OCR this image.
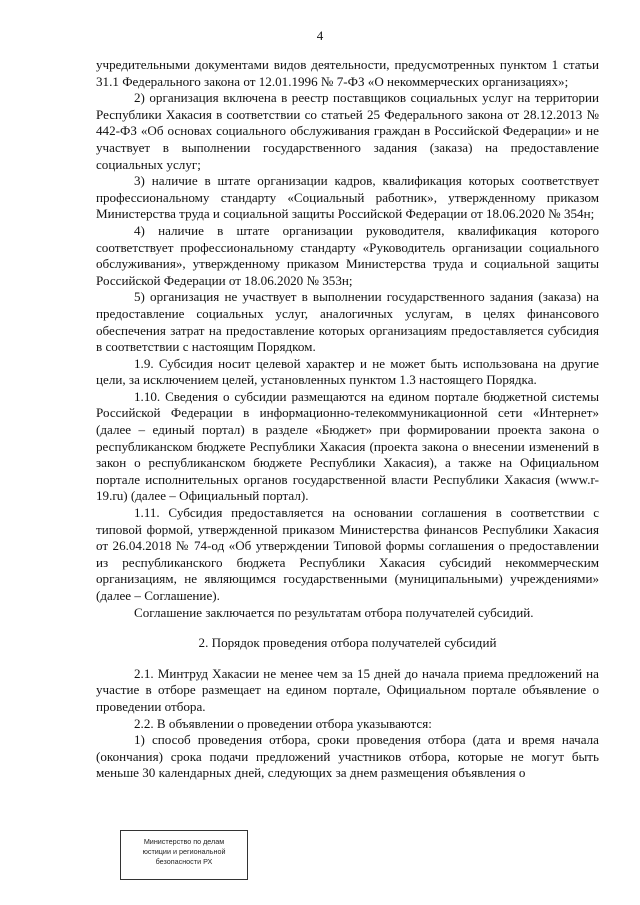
4

учредительными документами видов деятельности, предусмотренных пунктом 1 статьи 31.1 Федерального закона от 12.01.1996 № 7-ФЗ «О некоммерческих организациях»;

2) организация включена в реестр поставщиков социальных услуг на территории Республики Хакасия в соответствии со статьей 25 Федерального закона от 28.12.2013 № 442-ФЗ «Об основах социального обслуживания граждан в Российской Федерации» и не участвует в выполнении государственного задания (заказа) на предоставление социальных услуг;

3) наличие в штате организации кадров, квалификация которых соответствует профессиональному стандарту «Социальный работник», утвержденному приказом Министерства труда и социальной защиты Российской Федерации от 18.06.2020 № 354н;

4) наличие в штате организации руководителя, квалификация которого соответствует профессиональному стандарту «Руководитель организации социального обслуживания», утвержденному приказом Министерства труда и социальной защиты Российской Федерации от 18.06.2020 № 353н;

5) организация не участвует в выполнении государственного задания (заказа) на предоставление социальных услуг, аналогичных услугам, в целях финансового обеспечения затрат на предоставление которых организациям предоставляется субсидия в соответствии с настоящим Порядком.

1.9. Субсидия носит целевой характер и не может быть использована на другие цели, за исключением целей, установленных пунктом 1.3 настоящего Порядка.

1.10. Сведения о субсидии размещаются на едином портале бюджетной системы Российской Федерации в информационно-телекоммуникационной сети «Интернет» (далее – единый портал) в разделе «Бюджет» при формировании проекта закона о республиканском бюджете Республики Хакасия (проекта закона о внесении изменений в закон о республиканском бюджете Республики Хакасия), а также на Официальном портале исполнительных органов государственной власти Республики Хакасия (www.r-19.ru) (далее – Официальный портал).

1.11. Субсидия предоставляется на основании соглашения в соответствии с типовой формой, утвержденной приказом Министерства финансов Республики Хакасия от 26.04.2018 № 74-од «Об утверждении Типовой формы соглашения о предоставлении из республиканского бюджета Республики Хакасия субсидий некоммерческим организациям, не являющимся государственными (муниципальными) учреждениями» (далее – Соглашение).

Соглашение заключается по результатам отбора получателей субсидий.

2. Порядок проведения отбора получателей субсидий

2.1. Минтруд Хакасии не менее чем за 15 дней до начала приема предложений на участие в отборе размещает на едином портале, Официальном портале объявление о проведении отбора.

2.2. В объявлении о проведении отбора указываются:

1) способ проведения отбора, сроки проведения отбора (дата и время начала (окончания) срока подачи предложений участников отбора, которые не могут быть меньше 30 календарных дней, следующих за днем размещения объявления о

Министерство по делам
юстиции и региональной
безопасности РХ
